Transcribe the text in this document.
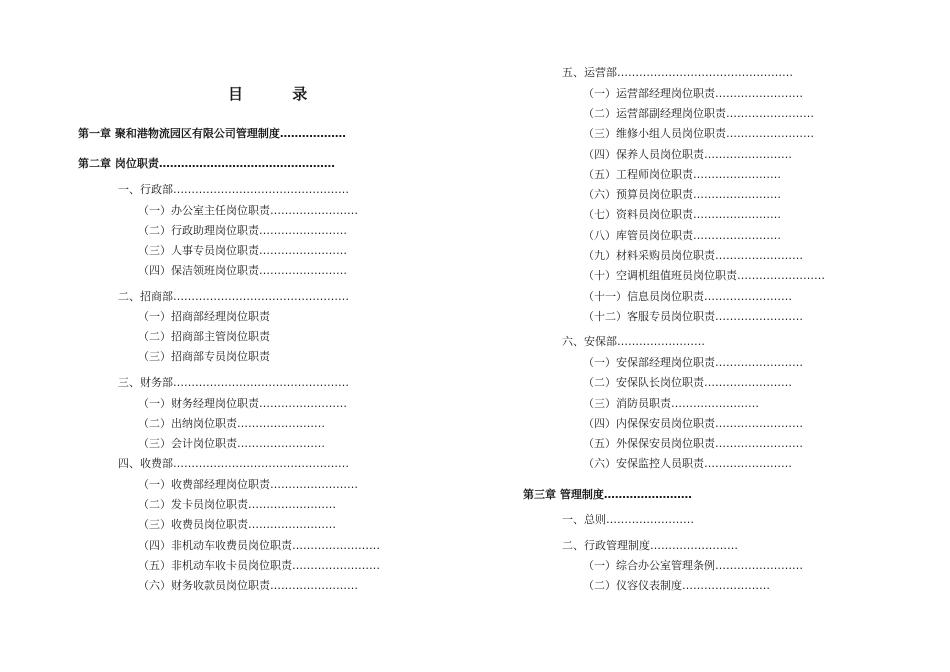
目 录
第一章 聚和港物流园区有限公司管理制度………………
第二章 岗位职责…………………………………………
一、行政部…………………………………………
（一）办公室主任岗位职责……………………
（二）行政助理岗位职责……………………
（三）人事专员岗位职责……………………
（四）保洁领班岗位职责……………………
二、招商部…………………………………………
（一）招商部经理岗位职责
（二）招商部主管岗位职责
（三）招商部专员岗位职责
三、财务部…………………………………………
（一）财务经理岗位职责……………………
（二）出纳岗位职责……………………
（三）会计岗位职责……………………
四、收费部…………………………………………
（一）收费部经理岗位职责……………………
（二）发卡员岗位职责……………………
（三）收费员岗位职责……………………
（四）非机动车收费员岗位职责……………………
（五）非机动车收卡员岗位职责……………………
（六）财务收款员岗位职责……………………
五、运营部…………………………………………
（一）运营部经理岗位职责……………………
（二）运营部副经理岗位职责……………………
（三）维修小组人员岗位职责……………………
（四）保养人员岗位职责……………………
（五）工程师岗位职责……………………
（六）预算员岗位职责……………………
（七）资料员岗位职责……………………
（八）库管员岗位职责……………………
（九）材料采购员岗位职责……………………
（十）空调机组值班员岗位职责……………………
（十一）信息员岗位职责……………………
（十二）客服专员岗位职责……………………
六、安保部……………………
（一）安保部经理岗位职责……………………
（二）安保队长岗位职责……………………
（三）消防员职责……………………
（四）内保保安员岗位职责……………………
（五）外保保安员岗位职责……………………
（六）安保监控人员职责……………………
第三章 管理制度……………………
一、总则……………………
二、行政管理制度……………………
（一）综合办公室管理条例……………………
（二）仪容仪表制度……………………
